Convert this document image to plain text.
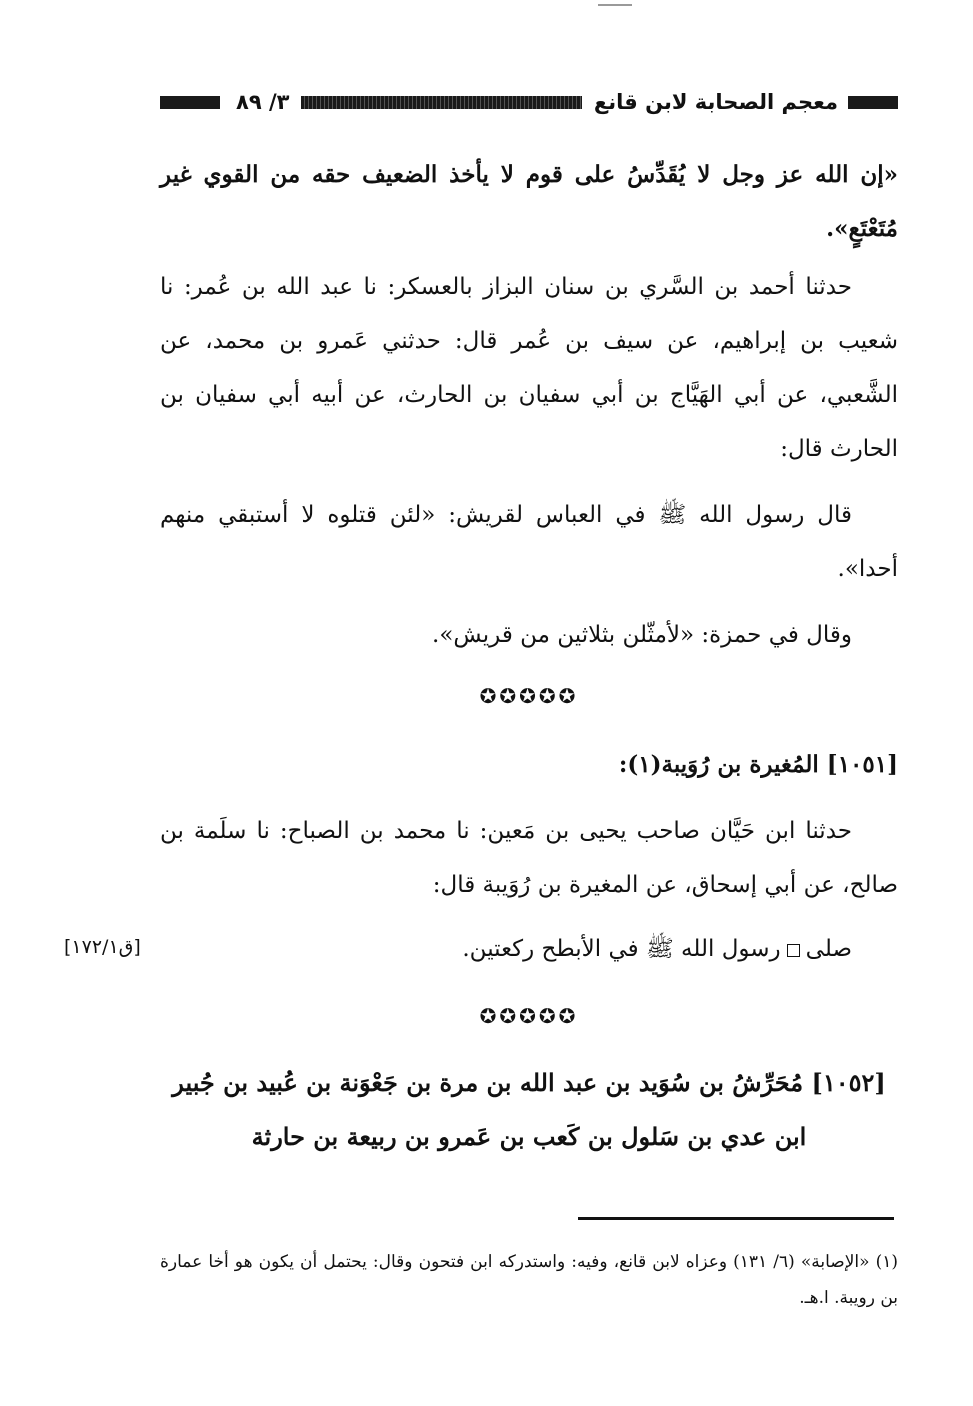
معجم الصحابة لابن قانع
٣/ ٨٩

«إن الله عز وجل لا يُقَدِّسُ على قوم لا يأخذ الضعيف حقه من القوي غير مُتَعْتَعٍ».

حدثنا أحمد بن السَّري بن سنان البزاز بالعسكر: نا عبد الله بن عُمر: نا شعيب بن إبراهيم، عن سيف بن عُمر قال: حدثني عَمرو بن محمد، عن الشَّعبي، عن أبي الهَيَّاج بن أبي سفيان بن الحارث، عن أبيه أبي سفيان بن الحارث قال:

قال رسول الله ﷺ في العباس لقريش: «لئن قتلوه لا أستبقي منهم أحدا».

وقال في حمزة: «لأمثّلن بثلاثين من قريش».

✪✪✪✪✪

[١٠٥١] المُغيرة بن رُوَيبة(١):

حدثنا ابن حَيَّان صاحب يحيى بن مَعين: نا محمد بن الصباح: نا سلَمة بن صالح، عن أبي إسحاق، عن المغيرة بن رُوَيبة قال:

صلىرسول الله ﷺ في الأبطح ركعتين.

[ق١٧٢/١]
✪✪✪✪✪

[١٠٥٢] مُحَرِّشُ بن سُوَيد بن عبد الله بن مرة بن جَعْوَنة بن عُبيد بن جُبير ابن عدي بن سَلول بن كَعب بن عَمرو بن ربيعة بن حارثة

(١) «الإصابة» (٦/ ١٣١) وعزاه لابن قانع، وفيه: واستدركه ابن فتحون وقال: يحتمل أن يكون هو أخا عمارة بن رويبة. ا.هـ.
